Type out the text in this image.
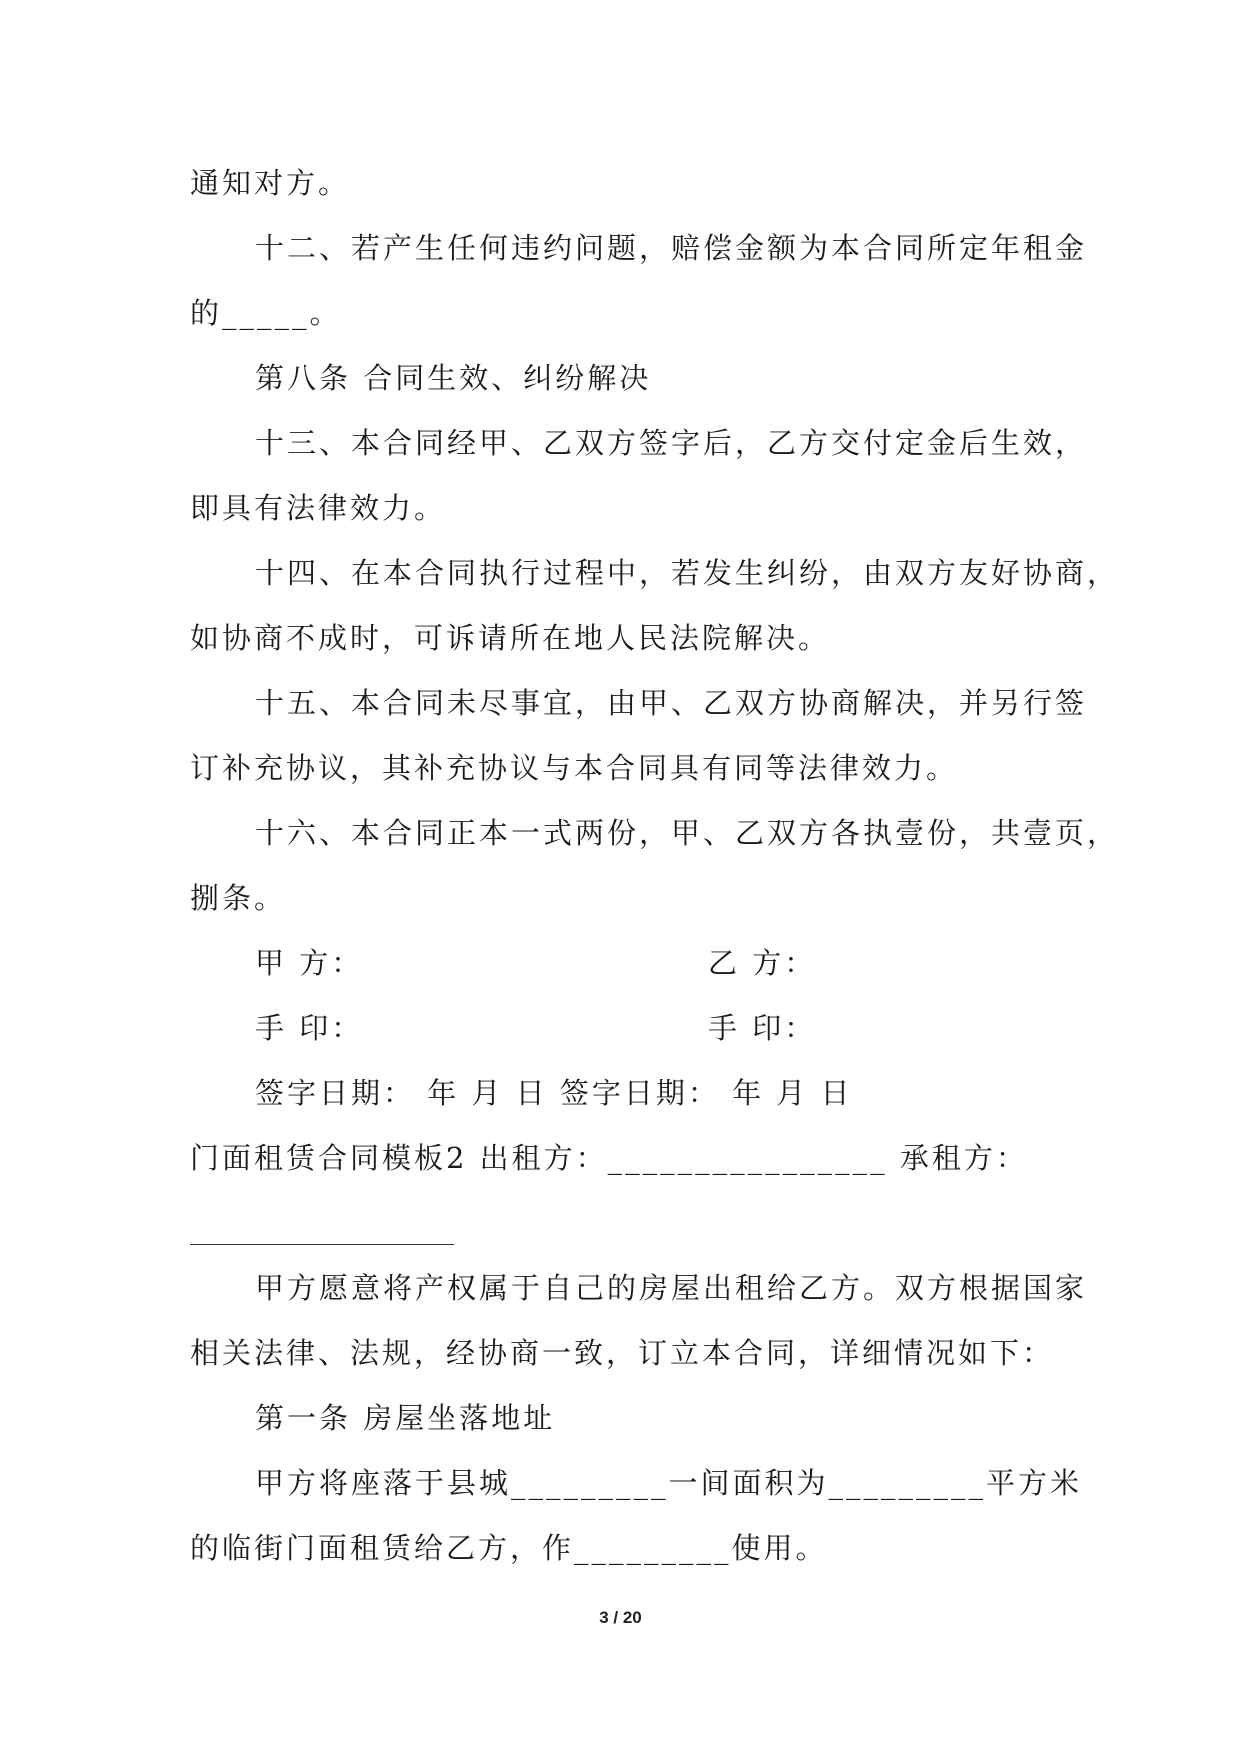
通知对方。
十二、若产生任何违约问题，赔偿金额为本合同所定年租金
的_____。
第八条 合同生效、纠纷解决
十三、本合同经甲、乙双方签字后，乙方交付定金后生效，
即具有法律效力。
十四、在本合同执行过程中，若发生纠纷，由双方友好协商，
如协商不成时，可诉请所在地人民法院解决。
十五、本合同未尽事宜，由甲、乙双方协商解决，并另行签
订补充协议，其补充协议与本合同具有同等法律效力。
十六、本合同正本一式两份，甲、乙双方各执壹份，共壹页，
捌条。
甲 方：	乙 方：
手 印：	手 印：
签字日期： 年 月 日 签字日期： 年 月 日
门面租赁合同模板2 出租方：________________ 承租方：
甲方愿意将产权属于自己的房屋出租给乙方。双方根据国家
相关法律、法规，经协商一致，订立本合同，详细情况如下：
第一条 房屋坐落地址
甲方将座落于县城_________一间面积为_________平方米
的临街门面租赁给乙方，作_________使用。
3 / 20
